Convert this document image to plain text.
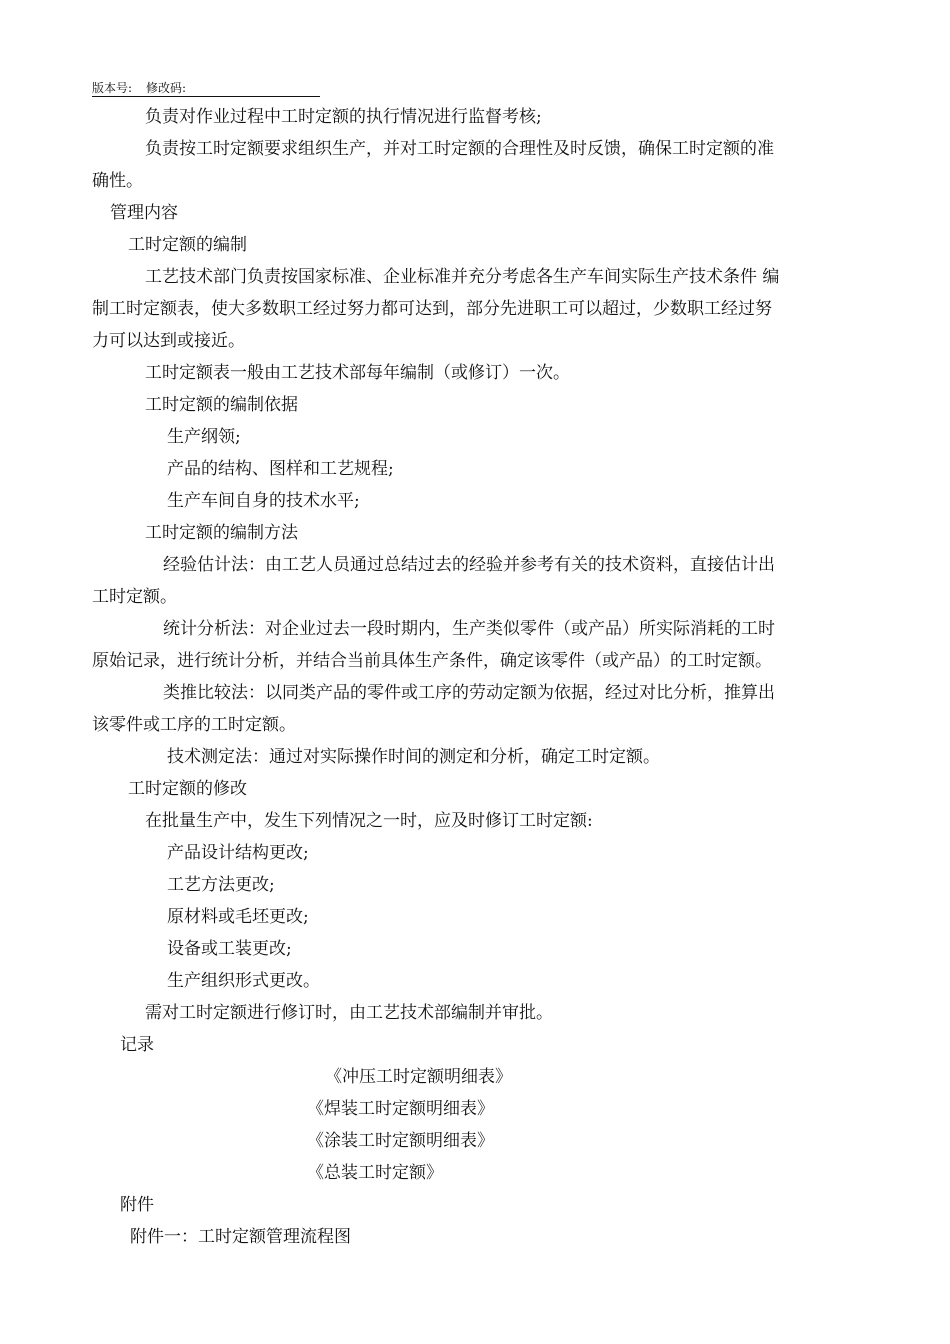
版本号: 修改码:
负责对作业过程中工时定额的执行情况进行监督考核;
负责按工时定额要求组织生产，并对工时定额的合理性及时反馈，确保工时定额的准
确性。
管理内容
工时定额的编制
工艺技术部门负责按国家标准、企业标准并充分考虑各生产车间实际生产技术条件 编
制工时定额表，使大多数职工经过努力都可达到，部分先进职工可以超过，少数职工经过努
力可以达到或接近。
工时定额表一般由工艺技术部每年编制（或修订）一次。
工时定额的编制依据
生产纲领;
产品的结构、图样和工艺规程;
生产车间自身的技术水平;
工时定额的编制方法
经验估计法：由工艺人员通过总结过去的经验并参考有关的技术资料，直接估计出
工时定额。
统计分析法：对企业过去一段时期内，生产类似零件（或产品）所实际消耗的工时
原始记录，进行统计分析，并结合当前具体生产条件，确定该零件（或产品）的工时定额。
类推比较法：以同类产品的零件或工序的劳动定额为依据，经过对比分析，推算出
该零件或工序的工时定额。
技术测定法：通过对实际操作时间的测定和分析，确定工时定额。
工时定额的修改
在批量生产中，发生下列情况之一时，应及时修订工时定额:
产品设计结构更改;
工艺方法更改;
原材料或毛坯更改;
设备或工装更改;
生产组织形式更改。
需对工时定额进行修订时，由工艺技术部编制并审批。
记录
《冲压工时定额明细表》
《焊装工时定额明细表》
《涂装工时定额明细表》
《总装工时定额》
附件
附件一：工时定额管理流程图
